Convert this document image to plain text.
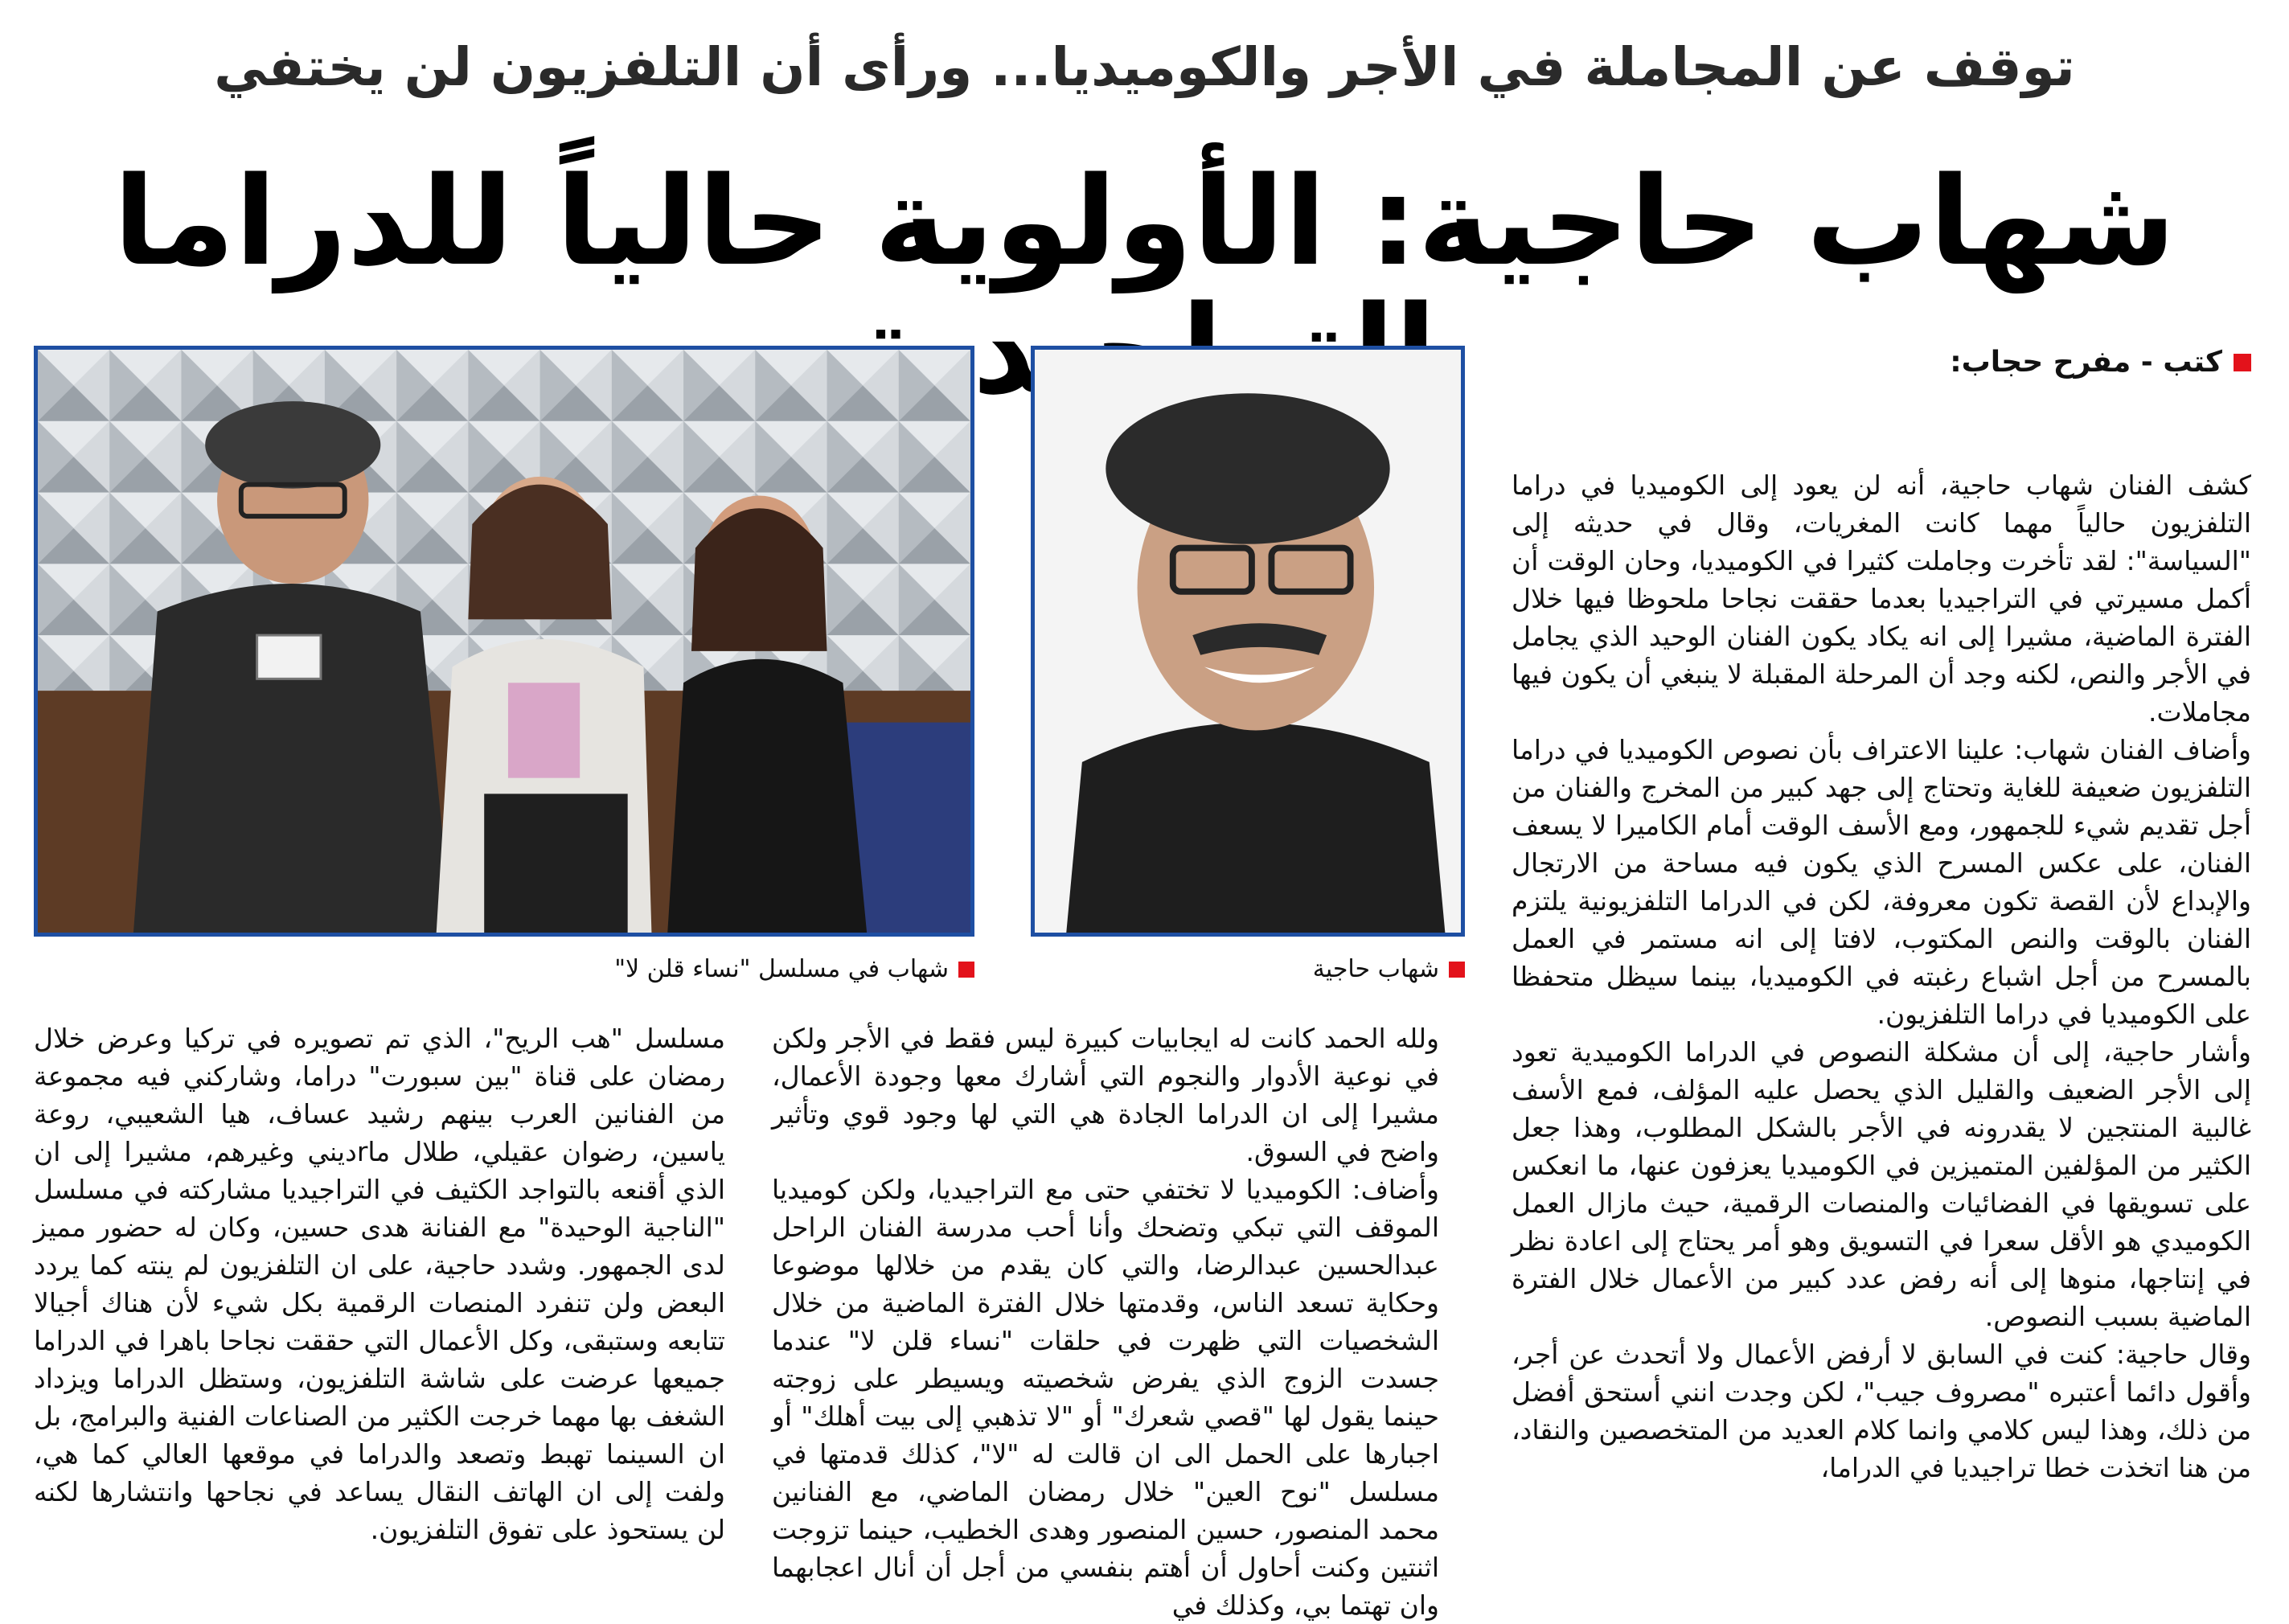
توقف عن المجاملة في الأجر والكوميديا... ورأى أن التلفزيون لن يختفي
شهاب حاجية: الأولوية حالياً للدراما
شهاب في مسلسل "نساء قلن لا"	شهاب حاجية
كتب - مفرح حجاب:

كشف الفنان شهاب حاجية، أنه لن يعود إلى الكوميديا في دراما التلفزيون حالياً مهما كانت المغريات، وقال في حديثه إلى "السياسة": لقد تأخرت وجاملت كثيرا في الكوميديا، وحان الوقت أن أكمل مسيرتي في التراجيديا بعدما حققت نجاحا ملحوظا فيها خلال الفترة الماضية، مشيرا إلى انه يكاد يكون الفنان الوحيد الذي يجامل في الأجر والنص، لكنه وجد أن المرحلة المقبلة لا ينبغي أن يكون فيها مجاملات.

وأضاف الفنان شهاب: علينا الاعتراف بأن نصوص الكوميديا في دراما التلفزيون ضعيفة للغاية وتحتاج إلى جهد كبير من المخرج والفنان من أجل تقديم شيء للجمهور، ومع الأسف الوقت أمام الكاميرا لا يسعف الفنان، على عكس المسرح الذي يكون فيه مساحة من الارتجال والإبداع لأن القصة تكون معروفة، لكن في الدراما التلفزيونية يلتزم الفنان بالوقت والنص المكتوب، لافتا إلى انه مستمر في العمل بالمسرح من أجل اشباع رغبته في الكوميديا، بينما سيظل متحفظا على الكوميديا في دراما التلفزيون.

وأشار حاجية، إلى أن مشكلة النصوص في الدراما الكوميدية تعود إلى الأجر الضعيف والقليل الذي يحصل عليه المؤلف، فمع الأسف غالبية المنتجين لا يقدرونه في الأجر بالشكل المطلوب، وهذا جعل الكثير من المؤلفين المتميزين في الكوميديا يعزفون عنها، ما انعكس على تسويقها في الفضائيات والمنصات الرقمية، حيث مازال العمل الكوميدي هو الأقل سعرا في التسويق وهو أمر يحتاج إلى اعادة نظر في إنتاجها، منوها إلى أنه رفض عدد كبير من الأعمال خلال الفترة الماضية بسبب النصوص.

وقال حاجية: كنت في السابق لا أرفض الأعمال ولا أتحدث عن أجر، وأقول دائما أعتبره "مصروف جيب"، لكن وجدت انني أستحق أفضل من ذلك، وهذا ليس كلامي وانما كلام العديد من المتخصصين والنقاد، من هنا اتخذت خطا تراجيديا في الدراما،

ولله الحمد كانت له ايجابيات كبيرة ليس فقط في الأجر ولكن في نوعية الأدوار والنجوم التي أشارك معها وجودة الأعمال، مشيرا إلى ان الدراما الجادة هي التي لها وجود قوي وتأثير واضح في السوق.

وأضاف: الكوميديا لا تختفي حتى مع التراجيديا، ولكن كوميديا الموقف التي تبكي وتضحك وأنا أحب مدرسة الفنان الراحل عبدالحسين عبدالرضا، والتي كان يقدم من خلالها موضوعا وحكاية تسعد الناس، وقدمتها خلال الفترة الماضية من خلال الشخصيات التي ظهرت في حلقات "نساء قلن لا" عندما جسدت الزوج الذي يفرض شخصيته ويسيطر على زوجته حينما يقول لها "قصي شعرك" أو "لا تذهبي إلى بيت أهلك" أو اجبارها على الحمل الى ان قالت له "لا"، كذلك قدمتها في مسلسل "نوح العين" خلال رمضان الماضي، مع الفنانين محمد المنصور، حسين المنصور وهدى الخطيب، حينما تزوجت اثنتين وكنت أحاول أن أهتم بنفسي من أجل أن أنال اعجابهما وان تهتما بي، وكذلك في

مسلسل "هب الريح"، الذي تم تصويره في تركيا وعرض خلال رمضان على قناة "بين سبورت" دراما، وشاركني فيه مجموعة من الفنانين العرب بينهم رشيد عساف، هيا الشعيبي، روعة ياسين، رضوان عقيلي، طلال ماrديني وغيرهم، مشيرا إلى ان الذي أقنعه بالتواجد الكثيف في التراجيديا مشاركته في مسلسل "الناجية الوحيدة" مع الفنانة هدى حسين، وكان له حضور مميز لدى الجمهور. وشدد حاجية، على ان التلفزيون لم ينته كما يردد البعض ولن تنفرد المنصات الرقمية بكل شيء لأن هناك أجيالا تتابعه وستبقى، وكل الأعمال التي حققت نجاحا باهرا في الدراما جميعها عرضت على شاشة التلفزيون، وستظل الدراما ويزداد الشغف بها مهما خرجت الكثير من الصناعات الفنية والبرامج، بل ان السينما تهبط وتصعد والدراما في موقعها العالي كما هي، ولفت إلى ان الهاتف النقال يساعد في نجاحها وانتشارها لكنه لن يستحوذ على تفوق التلفزيون.
